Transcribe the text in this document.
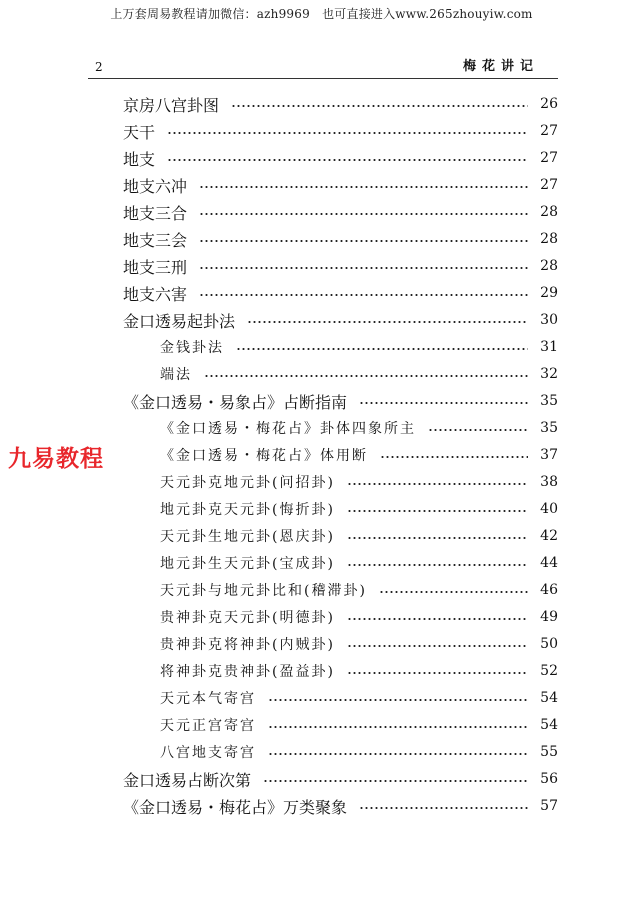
上万套周易教程请加微信：azh9969　也可直接进入www.265zhouyiw.com
2	梅花讲记
九易教程
京房八宫卦图	26
天干	27
地支	27
地支六冲	27
地支三合	28
地支三会	28
地支三刑	28
地支六害	29
金口透易起卦法	30
金钱卦法	31
端法	32
《金口透易・易象占》占断指南	35
《金口透易・梅花占》卦体四象所主	35
《金口透易・梅花占》体用断	37
天元卦克地元卦(问招卦)	38
地元卦克天元卦(悔折卦)	40
天元卦生地元卦(恩庆卦)	42
地元卦生天元卦(宝成卦)	44
天元卦与地元卦比和(稽滞卦)	46
贵神卦克天元卦(明德卦)	49
贵神卦克将神卦(内贼卦)	50
将神卦克贵神卦(盈益卦)	52
天元本气寄宫	54
天元正宫寄宫	54
八宫地支寄宫	55
金口透易占断次第	56
《金口透易・梅花占》万类聚象	57
